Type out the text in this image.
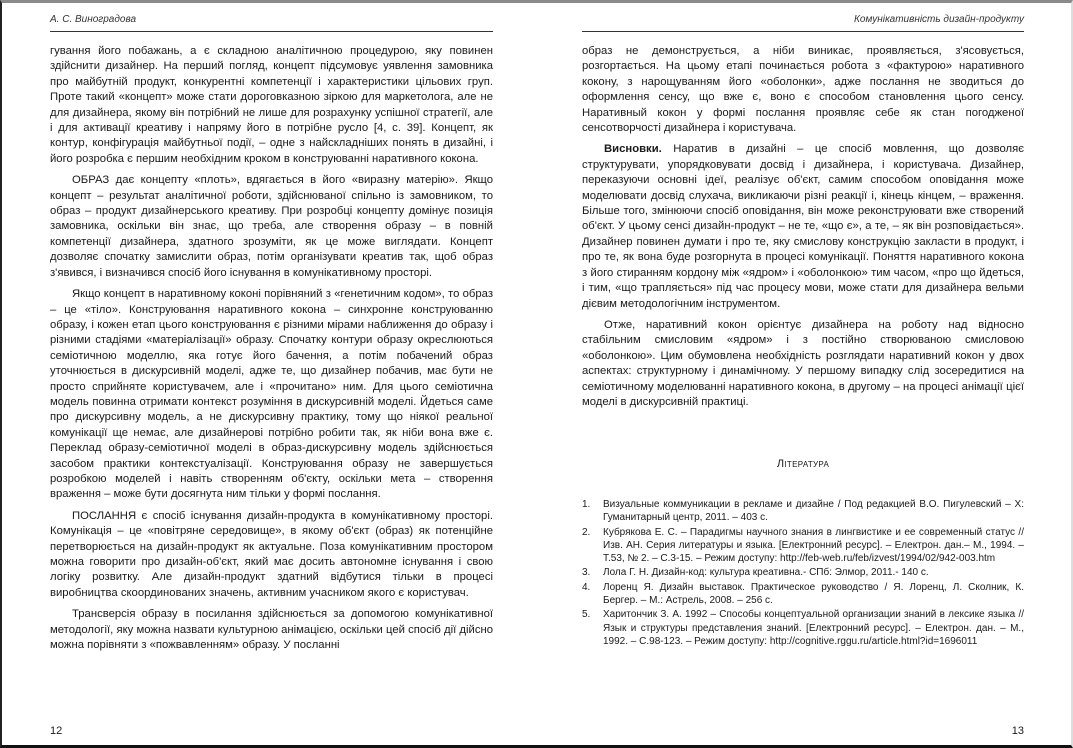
А. С. Виноградова

гування його побажань, а є складною аналітичною процедурою, яку повинен здійснити дизайнер. На перший погляд, концепт підсумовує уявлення замовника про майбутній продукт, конкурентні компетенції і характеристики цільових груп. Проте такий «концепт» може стати дороговказною зіркою для маркетолога, але не для дизайнера, якому він потрібний не лише для розрахунку успішної стратегії, але і для активації креативу і напряму його в потрібне русло [4, с. 39]. Концепт, як контур, конфігурація майбутньої події, – одне з найскладніших понять в дизайні, і його розробка є першим необхідним кроком в конструюванні наративного кокона.

ОБРАЗ дає концепту «плоть», вдягається в його «виразну матерію». Якщо концепт – результат аналітичної роботи, здійснюваної спільно із замовником, то образ – продукт дизайнерського креативу. При розробці концепту домінує позиція замовника, оскільки він знає, що треба, але створення образу – в повній компетенції дизайнера, здатного зрозуміти, як це може виглядати. Концепт дозволяє спочатку замислити образ, потім організувати креатив так, щоб образ з'явився, і визначився спосіб його існування в комунікативному просторі.

Якщо концепт в наративному коконі порівняний з «генетичним кодом», то образ – це «тіло». Конструювання наративного кокона – синхронне конструюванню образу, і кожен етап цього конструювання є різними мірами наближення до образу і різними стадіями «матеріалізації» образу. Спочатку контури образу окреслюються семіотичною моделлю, яка готує його бачення, а потім побачений образ уточнюється в дискурсивній моделі, адже те, що дизайнер побачив, має бути не просто сприйняте користувачем, але і «прочитано» ним. Для цього семіотична модель повинна отримати контекст розуміння в дискурсивній моделі. Йдеться саме про дискурсивну модель, а не дискурсивну практику, тому що ніякої реальної комунікації ще немає, але дизайнерові потрібно робити так, як ніби вона вже є. Переклад образу-семіотичної моделі в образ-дискурсивну модель здійснюється засобом практики контекстуалізації. Конструювання образу не завершується розробкою моделей і навіть створенням об'єкту, оскільки мета – створення враження – може бути досягнута ним тільки у формі послання.

ПОСЛАННЯ є спосіб існування дизайн-продукта в комунікативному просторі. Комунікація – це «повітряне середовище», в якому об'єкт (образ) як потенційне перетворюється на дизайн-продукт як актуальне. Поза комунікативним простором можна говорити про дизайн-об'єкт, який має досить автономне існування і свою логіку розвитку. Але дизайн-продукт здатний відбутися тільки в процесі виробництва скоординованих значень, активним учасником якого є користувач.

Трансверсія образу в посилання здійснюється за допомогою комунікативної методології, яку можна назвати культурною анімацією, оскільки цей спосіб дії дійсно можна порівняти з «пожвавленням» образу. У посланні

12
Комунікативність дизайн-продукту

образ не демонструється, а ніби виникає, проявляється, з'ясовується, розгортається. На цьому етапі починається робота з «фактурою» наративного кокону, з нарощуванням його «оболонки», адже послання не зводиться до оформлення сенсу, що вже є, воно є способом становлення цього сенсу. Наративный кокон у формі послання проявляє себе як стан погодженої сенсотворчості дизайнера і користувача.

Висновки. Наратив в дизайні – це спосіб мовлення, що дозволяє структурувати, упорядковувати досвід і дизайнера, і користувача. Дизайнер, переказуючи основні ідеї, реалізує об'єкт, самим способом оповідання може моделювати досвід слухача, викликаючи різні реакції і, кінець кінцем, – враження. Більше того, змінюючи спосіб оповідання, він може реконструювати вже створений об'єкт. У цьому сенсі дизайн-продукт – не те, «що є», а те, – як він розповідається». Дизайнер повинен думати і про те, яку смислову конструкцію закласти в продукт, і про те, як вона буде розгорнута в процесі комунікації. Поняття наративного кокона з його стиранням кордону між «ядром» і «оболонкою» тим часом, «про що йдеться, і тим, «що трапляється» під час процесу мови, може стати для дизайнера вельми дієвим методологічним інструментом.

Отже, наративний кокон орієнтує дизайнера на роботу над відносно стабільним смисловим «ядром» і з постійно створюваною смисловою «оболонкою». Цим обумовлена необхідність розглядати наративний кокон у двох аспектах: структурному і динамічному. У першому випадку слід зосередитися на семіотичному моделюванні наративного кокона, в другому – на процесі анімації цієї моделі в дискурсивній практиці.

Література
1.	Визуальные коммуникации в рекламе и дизайне / Под редакцией В.О. Пигулевский – Х: Гуманитарный центр, 2011. – 403 с.
2.	Кубрякова Е. С. – Парадигмы научного знания в лингвистике и ее современный статус // Изв. АН. Серия литературы и языка. [Електронний ресурс]. – Електрон. дан.– М., 1994. – Т.53, № 2. – С.3-15. – Режим доступу: http://feb-web.ru/feb/izvest/1994/02/942-003.htm
3.	Лола Г. Н. Дизайн-код: культура креативна.- СПб: Элмор, 2011.- 140 с.
4.	Лоренц Я. Дизайн выставок. Практическое руководство / Я. Лоренц, Л. Сколник, К. Бергер. – М.: Астрель, 2008. – 256 с.
5.	Харитончик З. А. 1992 – Способы концептуальной организации знаний в лексике языка // Язык и структуры представления знаний. [Електронний ресурс]. – Електрон. дан. – М., 1992. – С.98-123. – Режим доступу: http://cognitive.rggu.ru/article.html?id=1696011
13
